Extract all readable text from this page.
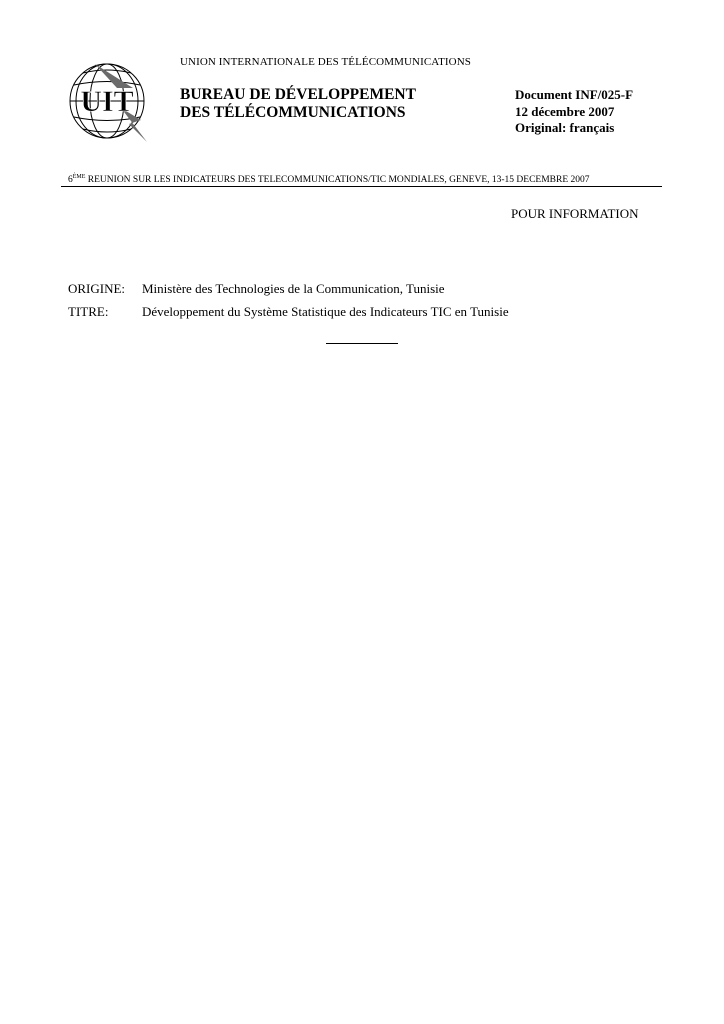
UIT
UNION INTERNATIONALE DES TÉLÉCOMMUNICATIONS
BUREAU DE DÉVELOPPEMENT
DES TÉLÉCOMMUNICATIONS
Document INF/025-F
12 décembre 2007
Original: français
6ÈME REUNION SUR LES INDICATEURS DES TELECOMMUNICATIONS/TIC MONDIALES, GENEVE, 13-15 DECEMBRE 2007
POUR INFORMATION
ORIGINE: Ministère des Technologies de la Communication, Tunisie
TITRE:	Développement du Système Statistique des Indicateurs TIC en Tunisie
